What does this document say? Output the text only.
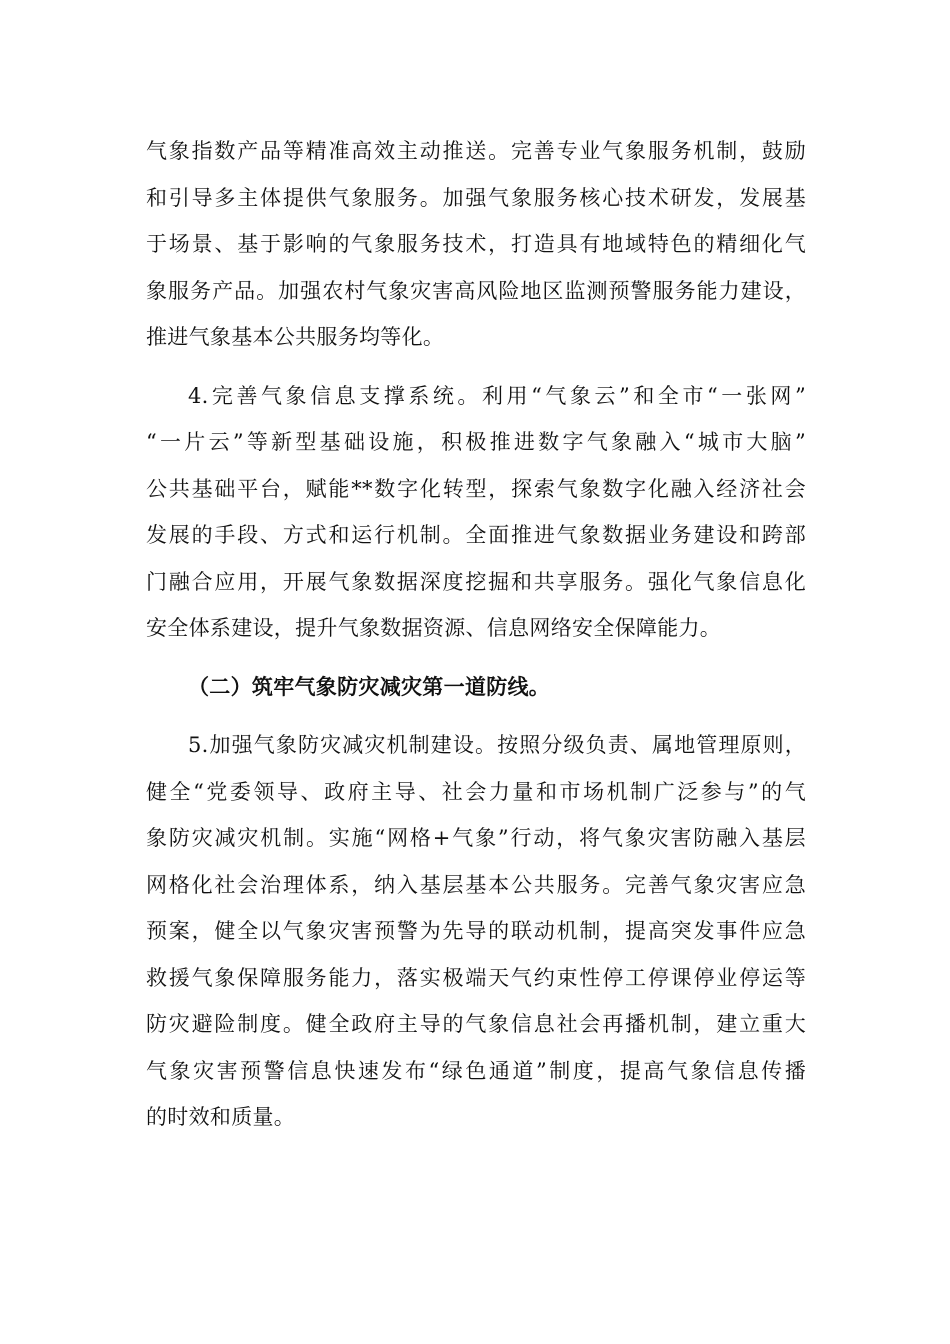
气象指数产品等精准高效主动推送。完善专业气象服务机制，鼓励
和引导多主体提供气象服务。加强气象服务核心技术研发，发展基
于场景、基于影响的气象服务技术，打造具有地域特色的精细化气
象服务产品。加强农村气象灾害高风险地区监测预警服务能力建设，
推进气象基本公共服务均等化。

4.完善气象信息支撑系统。利用“气象云”和全市“一张网”
“一片云”等新型基础设施，积极推进数字气象融入“城市大脑”
公共基础平台，赋能**数字化转型，探索气象数字化融入经济社会
发展的手段、方式和运行机制。全面推进气象数据业务建设和跨部
门融合应用，开展气象数据深度挖掘和共享服务。强化气象信息化
安全体系建设，提升气象数据资源、信息网络安全保障能力。

（二）筑牢气象防灾减灾第一道防线。

5.加强气象防灾减灾机制建设。按照分级负责、属地管理原则，
健全“党委领导、政府主导、社会力量和市场机制广泛参与”的气
象防灾减灾机制。实施“网格+气象”行动，将气象灾害防融入基层
网格化社会治理体系，纳入基层基本公共服务。完善气象灾害应急
预案，健全以气象灾害预警为先导的联动机制，提高突发事件应急
救援气象保障服务能力，落实极端天气约束性停工停课停业停运等
防灾避险制度。健全政府主导的气象信息社会再播机制，建立重大
气象灾害预警信息快速发布“绿色通道”制度，提高气象信息传播
的时效和质量。
